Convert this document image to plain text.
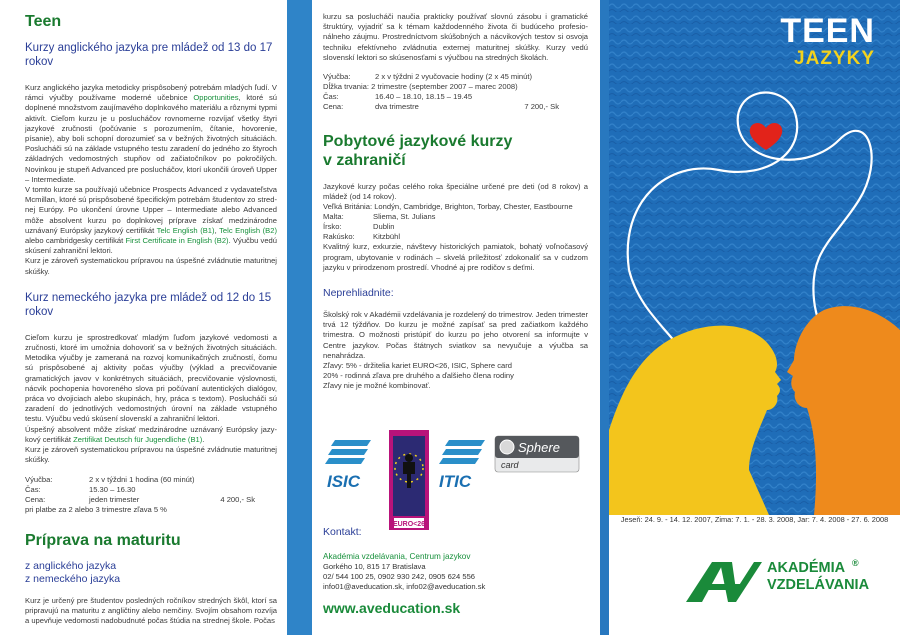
Teen
Kurzy anglického jazyka pre mládež od 13 do 17 rokov

Kurz anglického jazyka metodicky prispôsobený potrebám mladých ľudí. V rámci výučby používame moderné učebnice Opportunities, ktoré sú doplnené množstvom zaujímavého doplnkového materiálu a rôznymi typmi aktivít. Cieľom kurzu je u poslucháčov rovnomerne rozvíjať všetky štyri jazykové zručnosti (počúvanie s porozumením, čítanie, hovorenie, písanie), aby boli schopní dorozumieť sa v bežných životných situáciách. Poslucháči sú na základe vstupného testu zaradení do jedného zo štyroch základných vedomostných stupňov od začiatočníkov po pokročilých. Novinkou je stupeň Advanced pre poslucháčov, ktorí ukončili úroveň Upper – Intermediate.

V tomto kurze sa používajú učebnice Prospects Advanced z vydavateľstva Mcmillan, ktoré sú prispôsobené špecifickým potrebám študentov zo strednej Európy. Po ukončení úrovne Upper – Intermediate alebo Advanced môže absolvent kurzu po doplnkovej príprave získať medzinárodne uznávaný Európsky jazykový certifikát Telc English (B1), Telc English (B2) alebo cambridgesky certifikát First Certificate in English (B2). Výučbu vedú skúsení zahraniční lektori.

Kurz je zároveň systematickou prípravou na úspešné zvládnutie maturitnej skúšky.

Kurz nemeckého jazyka pre mládež od 12 do 15 rokov

Cieľom kurzu je sprostredkovať mladým ľuďom jazykové vedomosti a zručnosti, ktoré im umožnia dohovoriť sa v bežných životných situáciách. Metodika výučby je zameraná na rozvoj komunikačných zručností, čomu sú prispôsobené aj aktivity počas výučby (výklad a precvičovanie gramatických javov v konkrétnych situáciách, precvičovanie výslovnosti, nácvik pochopenia hovoreného slova pri počúvaní autentických dialógov, práca vo dvojiciach alebo skupinách, hry, práca s textom). Poslucháči sú zaradení do jednotlivých vedomostných úrovní na základe vstupného testu. Výučbu vedú skúsení slovenskí a zahraniční lektori.

Úspešný absolvent môže získať medzinárodne uznávaný Európsky jazykový certifikát Zertifikat Deutsch für Jugendliche (B1).

Kurz je zároveň systematickou prípravou na úspešné zvládnutie maturitnej skúšky.

Výučba:	2 x v týždni 1 hodina (60 minút)	
Čas:	15.30 – 16.30	
Cena:	jeden trimester	4 200,- Sk

pri platbe za 2 alebo 3 trimestre zľava 5 %

Príprava na maturitu
z anglického jazyka
z nemeckého jazyka

Kurz je určený pre študentov posledných ročníkov stredných škôl, ktorí sa pripravujú na maturitu z angličtiny alebo nemčiny. Svojím obsahom rozvíja a upevňuje vedomosti nadobudnuté počas štúdia na strednej škole. Počas

kurzu sa poslucháči naučia prakticky používať slovnú zásobu i gramatické štruktúry, vyjadriť sa k témam každodenného života či budúceho profesionálneho záujmu. Prostredníctvom skúšobných a nácvikových testov si osvoja techniku efektívneho zvládnutia externej maturitnej skúšky. Kurzy vedú slovenskí lektori so skúsenosťami s výučbou na stredných školách.

Výučba:	2 x v týždni 2 vyučovacie hodiny (2 x 45 minút)	
Dĺžka trvania: 2 trimestre (september 2007 – marec 2008)		
Čas:	16.40 – 18.10, 18.15 – 19.45	
Cena:	dva trimestre	7 200,- Sk
Pobytové jazykové kurzy
v zahraničí

Jazykové kurzy počas celého roka špeciálne určené pre deti (od 8 rokov) a mládež (od 14 rokov).

Veľká Británia: Londýn, Cambridge, Brighton, Torbay, Chester, Eastbourne	
Malta:	Sliema, St. Julians
Írsko:	Dublin
Rakúsko:	Kitzbühl

Kvalitný kurz, exkurzie, návštevy historických pamiatok, bohatý voľnočasový program, ubytovanie v rodinách – skvelá príležitosť zdokonaliť sa v cudzom jazyku v prirodzenom prostredí. Vhodné aj pre rodičov s deťmi.

Neprehliadnite:

Školský rok v Akadémii vzdelávania je rozdelený do trimestrov. Jeden trimester trvá 12 týždňov. Do kurzu je možné zapísať sa pred začiatkom každého trimestra. O možnosti pristúpiť do kurzu po jeho otvorení sa informujte v Centre jazykov. Počas štátnych sviatkov sa nevyučuje a výučba sa nenahrádza.

Zľavy: 5% - držitelia kariet EURO<26, ISIC, Sphere card

20% - rodinná zľava pre druhého a ďalšieho člena rodiny

Zľavy nie je možné kombinovať.

ISIC
EURO<26
ITIC
Sphere
card
Kontakt:
Akadémia vzdelávania, Centrum jazykov
Gorkého 10, 815 17 Bratislava
02/ 544 100 25, 0902 930 242, 0905 624 556
info01@aveducation.sk, info02@aveducation.sk
www.aveducation.sk
TEEN
JAZYKY
Jeseň: 24. 9. - 14. 12. 2007, Zima: 7. 1. - 28. 3. 2008, Jar: 7. 4. 2008 - 27. 6. 2008
AKADÉMIA
VZDELÁVANIA
®
